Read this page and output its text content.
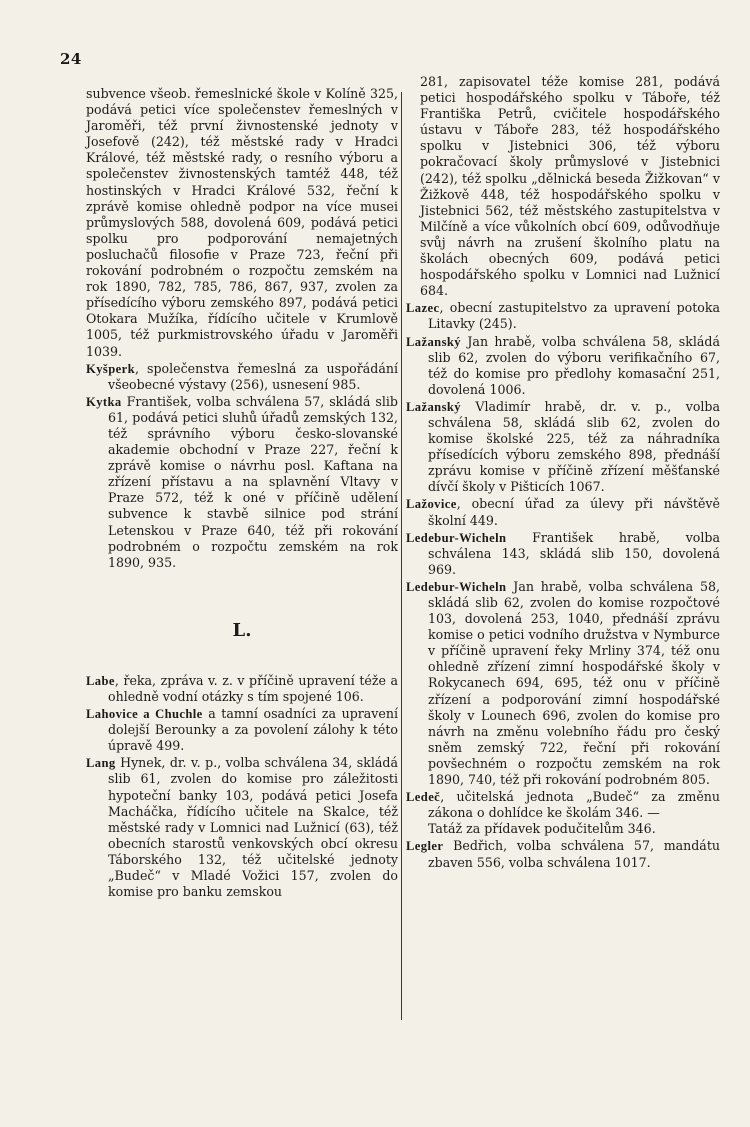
24

subvence všeob. řemeslnické škole v Kolíně 325, podává petici více společenstev řemeslných v Jaroměři, též první živnostenské jednoty v Josefově (242), též městské rady v Hradci Králové, též městské rady, o resního výboru a společenstev živnostenských tamtéž 448, též hostinských v Hradci Králové 532, řeční k zprávě komise ohledně podpor na více musei průmyslových 588, dovolená 609, podává petici spolku pro podporování nemajetných posluchačů filosofie v Praze 723, řeční při rokování podrobném o rozpočtu zemském na rok 1890, 782, 785, 786, 867, 937, zvolen za přísedícího výboru zemského 897, podává petici Otokara Mužíka, řídícího učitele v Krumlově 1005, též purkmistrovského úřadu v Jaroměři 1039.

Kyšperk, společenstva řemeslná za uspořádání všeobecné výstavy (256), usnesení 985.

Kytka František, volba schválena 57, skládá slib 61, podává petici sluhů úřadů zemských 132, též správního výboru česko-slovanské akademie obchodní v Praze 227, řeční k zprávě komise o návrhu posl. Kaftana na zřízení přístavu a na splavnění Vltavy v Praze 572, též k oné v příčině udělení subvence k stavbě silnice pod strání Letenskou v Praze 640, též při rokování podrobném o rozpočtu zemském na rok 1890, 935.

L.

Labe, řeka, zpráva v. z. v příčině upravení téže a ohledně vodní otázky s tím spojené 106.

Lahovice a Chuchle a tamní osadníci za upravení dolejší Berounky a za povolení zálohy k této úpravě 499.

Lang Hynek, dr. v. p., volba schválena 34, skládá slib 61, zvolen do komise pro záležitosti hypoteční banky 103, podává petici Josefa Macháčka, řídícího učitele na Skalce, též městské rady v Lomnici nad Lužnicí (63), též obecních starostů venkovských obcí okresu Táborského 132, též učitelské jednoty „Budeč“ v Mladé Vožici 157, zvolen do komise pro banku zemskou

281, zapisovatel téže komise 281, podává petici hospodářského spolku v Táboře, též Františka Petrů, cvičitele hospodářského ústavu v Táboře 283, též hospodářského spolku v Jistebnici 306, též výboru pokračovací školy průmyslové v Jistebnici (242), též spolku „dělnická beseda Žižkovan“ v Žižkově 448, též hospodářského spolku v Jistebnici 562, též městského zastupitelstva v Milčíně a více vůkolních obcí 609, odůvodňuje svůj návrh na zrušení školního platu na školách obecných 609, podává petici hospodářského spolku v Lomnici nad Lužnicí 684.

Lazec, obecní zastupitelstvo za upravení potoka Litavky (245).

Lažanský Jan hrabě, volba schválena 58, skládá slib 62, zvolen do výboru verifikačního 67, též do komise pro předlohy komasační 251, dovolená 1006.

Lažanský Vladimír hrabě, dr. v. p., volba schválena 58, skládá slib 62, zvolen do komise školské 225, též za náhradníka přísedících výboru zemského 898, přednáší zprávu komise v příčině zřízení měšťanské dívčí školy v Pišticích 1067.

Lažovice, obecní úřad za úlevy při návštěvě školní 449.

Ledebur-Wicheln František hrabě, volba schválena 143, skládá slib 150, dovolená 969.

Ledebur-Wicheln Jan hrabě, volba schválena 58, skládá slib 62, zvolen do komise rozpočtové 103, dovolená 253, 1040, přednáší zprávu komise o petici vodního družstva v Nymburce v příčině upravení řeky Mrliny 374, též onu ohledně zřízení zimní hospodářské školy v Rokycanech 694, 695, též onu v příčině zřízení a podporování zimní hospodářské školy v Lounech 696, zvolen do komise pro návrh na změnu volebního řádu pro český sněm zemský 722, řeční při rokování povšechném o rozpočtu zemském na rok 1890, 740, též při rokování podrobném 805.

Ledeč, učitelská jednota „Budeč“ za změnu zákona o dohlídce ke školám 346. —

Tatáž za přídavek podučitelům 346.

Legler Bedřich, volba schválena 57, mandátu zbaven 556, volba schválena 1017.
